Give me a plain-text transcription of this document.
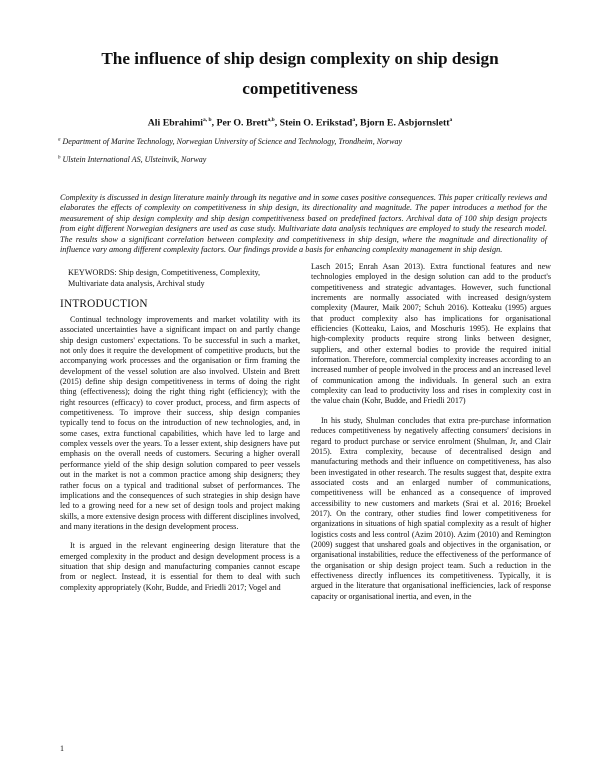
The influence of ship design complexity on ship design
competitiveness
Ali Ebrahimi$^{a, b}$, Per O. Brett$^{a,b}$, Stein O. Erikstad$^a$, Bjorn E. Asbjornslett$^a$
$^a$ Department of Marine Technology, Norwegian University of Science and Technology, Trondheim, Norway
$^b$ Ulstein International AS, Ulsteinvik, Norway
Complexity is discussed in design literature mainly through its negative and in some cases positive consequences. This paper critically reviews and elaborates the effects of complexity on competitiveness in ship design, its directionality and magnitude. The paper introduces a method for the measurement of ship design complexity and ship design competitiveness based on predefined factors. Archival data of 100 ship design projects from eight different Norwegian designers are used as case study. Multivariate data analysis techniques are employed to study the research model. The results show a significant correlation between complexity and competitiveness in ship design, where the magnitude and directionality of influence vary among different complexity factors. Our findings provide a basis for enhancing complexity management in ship design.
KEYWORDS: Ship design, Competitiveness, Complexity, Multivariate data analysis, Archival study
INTRODUCTION

Continual technology improvements and market volatility with its associated uncertainties have a significant impact on and partly change ship design customers' expectations. To be successful in such a market, not only does it require the development of competitive products, but the accompanying work processes and the organisation or firm framing the development of the vessel solution are also involved. Ulstein and Brett (2015) define ship design competitiveness in terms of doing the right thing (effectiveness); doing the right thing right (efficiency); with the right resources (efficacy) to cover product, process, and firm aspects of competitiveness. To improve their success, ship design companies typically tend to focus on the introduction of new technologies, and, in some cases, extra functional capabilities, which have led to large and complex vessels over the years. To a lesser extent, ship designers have put emphasis on the overall needs of customers. Securing a higher overall performance yield of the ship design solution compared to peer vessels out in the market is not a common practice among ship designers; they rather focus on a typical and traditional subset of performances. The implications and the consequences of such strategies in ship design have led to a growing need for a new set of design tools and project making skills, a more extensive design process with different disciplines involved, and many iterations in the design development process.

It is argued in the relevant engineering design literature that the emerged complexity in the product and design development process is a situation that ship design and manufacturing companies cannot escape from or neglect. Instead, it is essential for them to deal with such complexity appropriately (Kohr, Budde, and Friedli 2017; Vogel and

Lasch 2015; Enrah Asan 2013). Extra functional features and new technologies employed in the design solution can add to the product's competitiveness and strategic advantages. However, such functional increments are normally associated with increased design/system complexity (Maurer, Maik 2007; Schuh 2016). Kotteaku (1995) argues that product complexity also has implications for organisational efficiencies (Kotteaku, Laios, and Moschuris 1995). He explains that high-complexity products require strong links between designer, suppliers, and other external bodies to provide the required initial information. Therefore, commercial complexity increases according to an increased number of people involved in the process and an increased level of communication among the individuals. In general such an extra complexity can lead to productivity loss and rises in complexity cost in the value chain (Kohr, Budde, and Friedli 2017)

In his study, Shulman concludes that extra pre-purchase information reduces competitiveness by negatively affecting consumers' decisions in regard to product purchase or service enrolment (Shulman, Jr, and Clair 2015). Extra complexity, because of decentralised design and manufacturing methods and their influence on competitiveness, has also been investigated in other research. The results suggest that, despite extra associated costs and an enlarged number of communications, competitiveness will be enhanced as a consequence of improved accessibility to new customers and markets (Srai et al. 2016; Broekel 2017). On the contrary, other studies find lower competitiveness for organizations in situations of high spatial complexity as a result of higher logistics costs and less control (Azim 2010). Azim (2010) and Remington (2009) suggest that unshared goals and objectives in the organisation, or organisational instabilities, reduce the effectiveness of the performance of the organisation or ship design project team. Such a reduction in the effectiveness directly influences its competitiveness. Typically, it is argued in the literature that organisational inefficiencies, lack of response capacity or organisational inertia, and even, in the

1
